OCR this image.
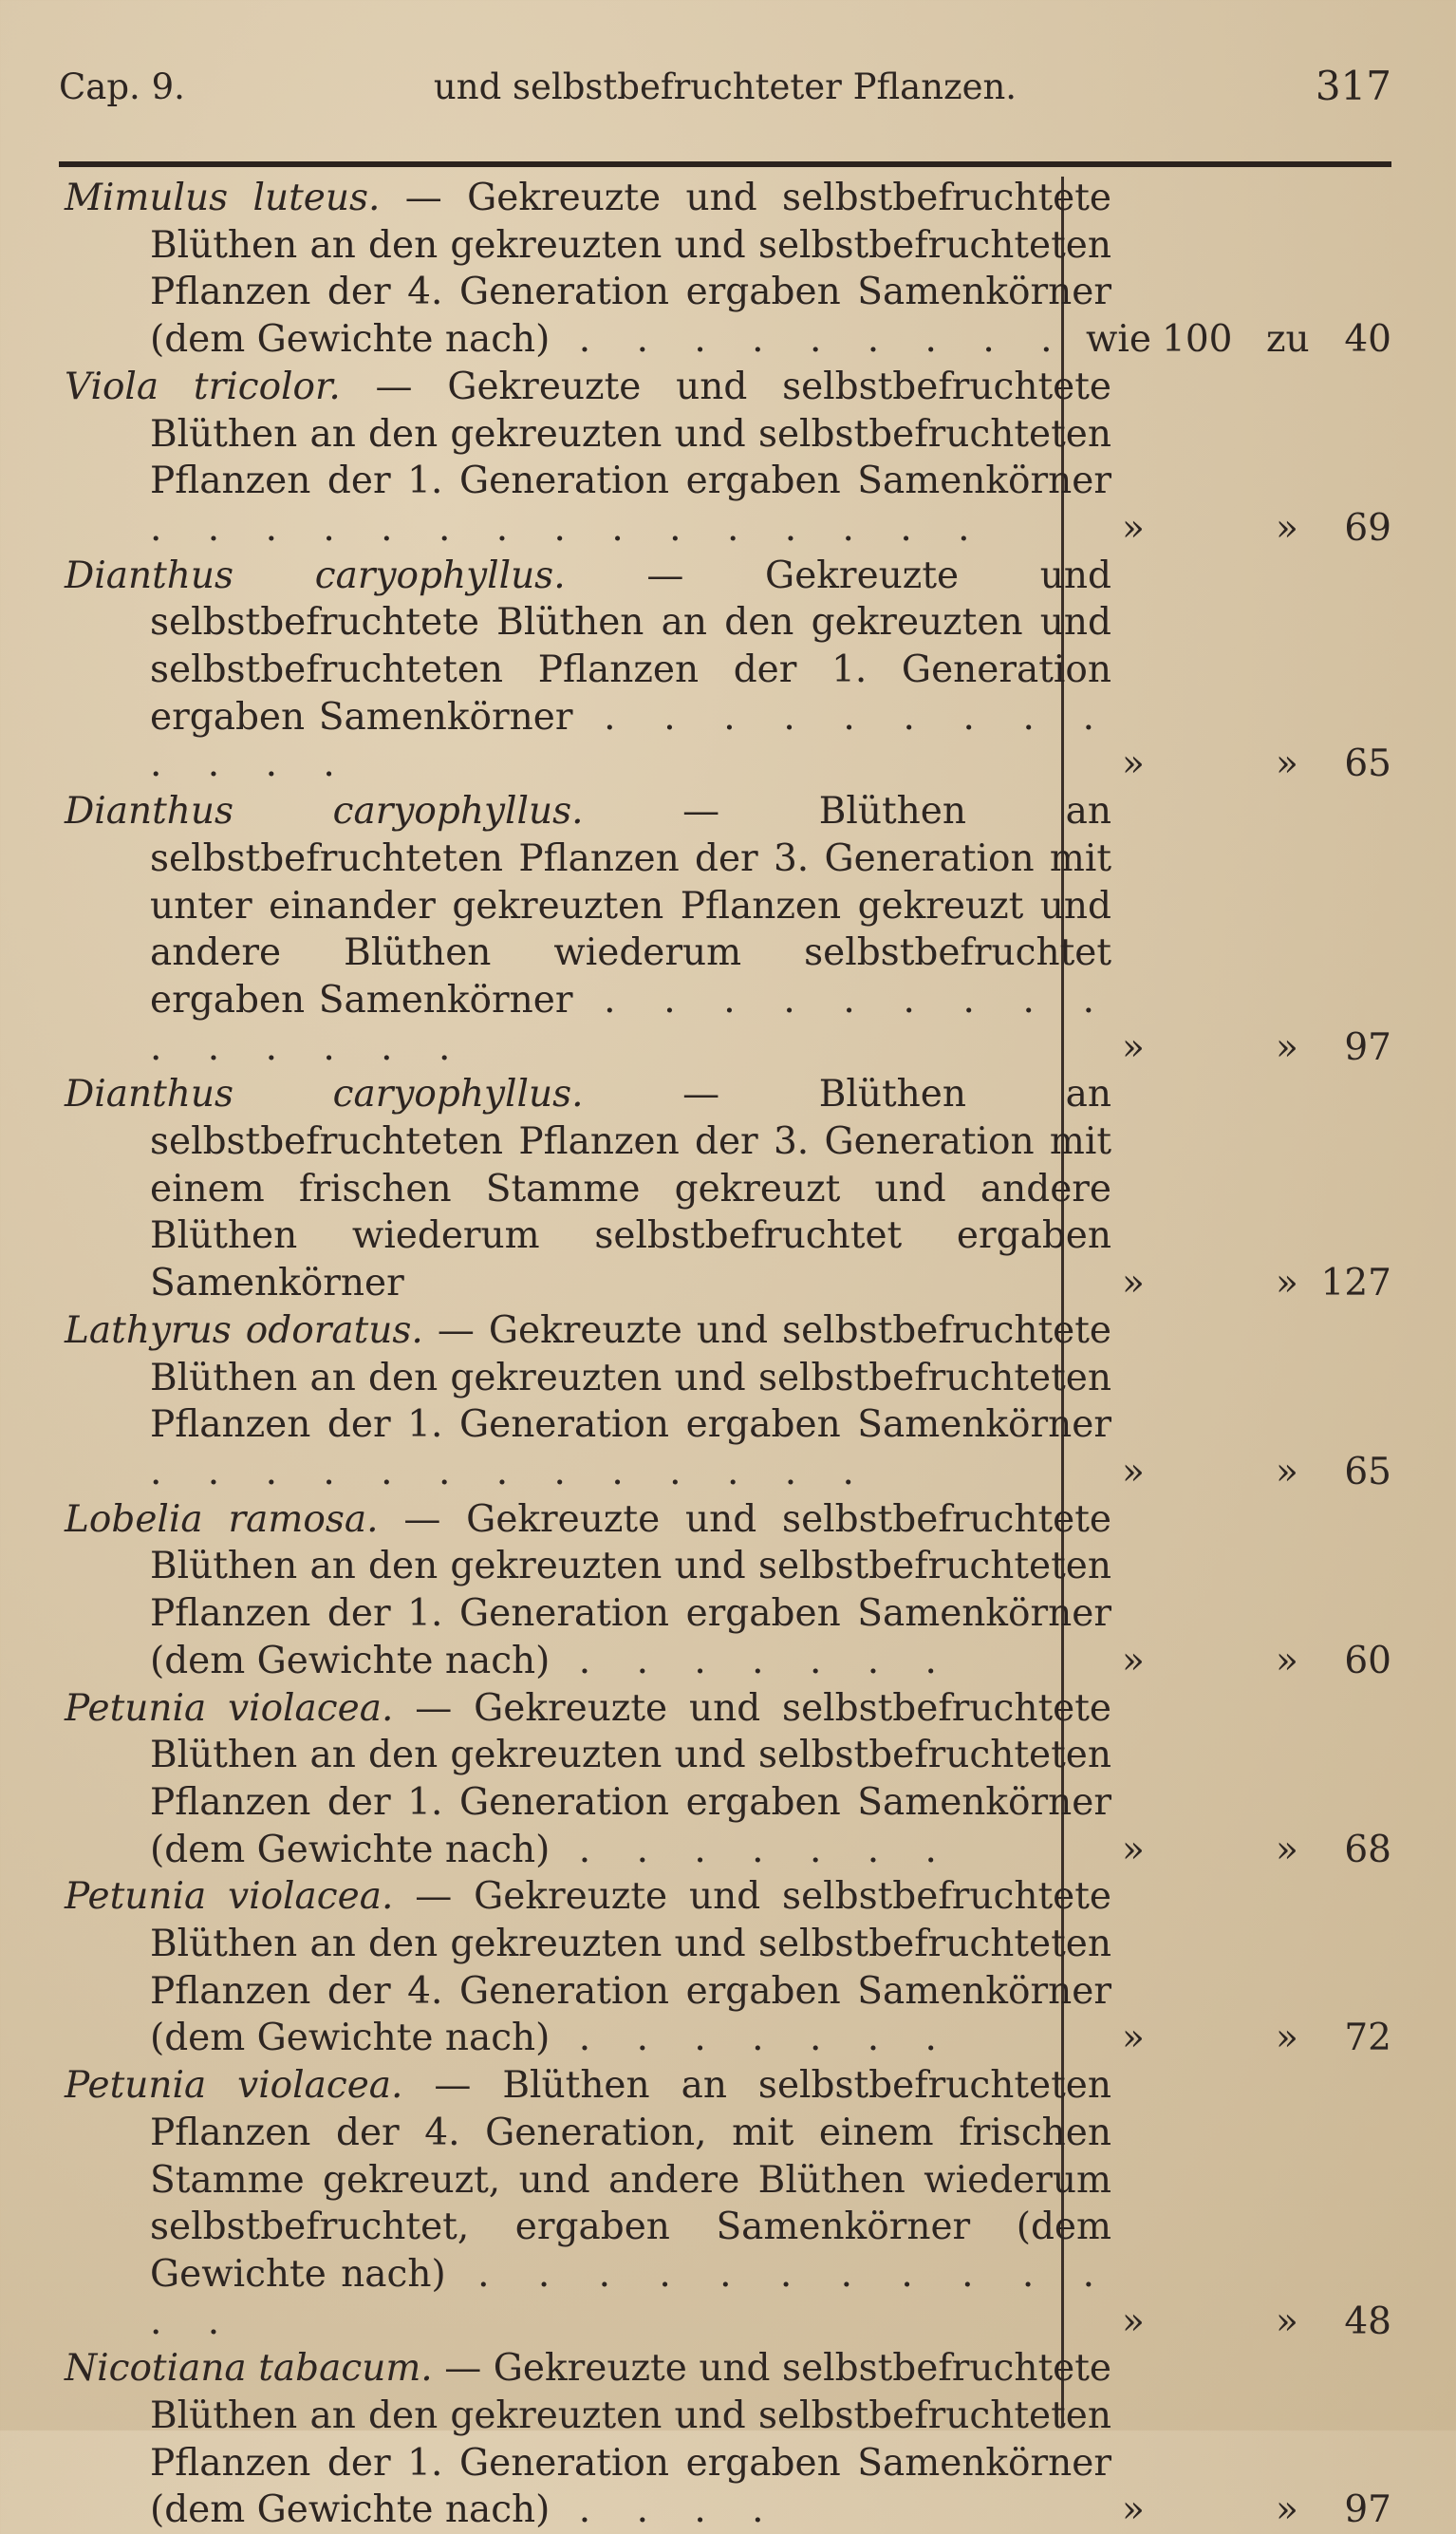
Cap. 9.	und selbstbefruchteter Pflanzen.	317
Mimulus luteus. — Gekreuzte und selbstbefruchtete Blüthen an den gekreuzten und selbstbefruchteten Pflanzen der 4. Generation ergaben Samenkörner (dem Gewichte nach) . . . . . . . . . wie 100 zu 40
Viola tricolor. — Gekreuzte und selbstbefruchtete Blüthen an den gekreuzten und selbstbefruchteten Pflanzen der 1. Generation ergaben Samenkörner . . . . . . . . . . . . . . .	»	» 69
Dianthus caryophyllus. — Gekreuzte und selbstbefruchtete Blüthen an den gekreuzten und selbstbefruchteten Pflanzen der 1. Generation ergaben Samenkörner . . . . . . . . . . . . .	»	» 65
Dianthus caryophyllus. — Blüthen an selbstbefruchteten Pflanzen der 3. Generation mit unter einander gekreuzten Pflanzen gekreuzt und andere Blüthen wiederum selbstbefruchtet ergaben Samenkörner . . . . . . . . . . . . . . .	»	» 97
Dianthus caryophyllus. — Blüthen an selbstbefruchteten Pflanzen der 3. Generation mit einem frischen Stamme gekreuzt und andere Blüthen wiederum selbstbefruchtet ergaben Samenkörner	»	» 127
Lathyrus odoratus. — Gekreuzte und selbstbefruchtete Blüthen an den gekreuzten und selbstbefruchteten Pflanzen der 1. Generation ergaben Samenkörner . . . . . . . . . . . . .	»	» 65
Lobelia ramosa. — Gekreuzte und selbstbefruchtete Blüthen an den gekreuzten und selbstbefruchteten Pflanzen der 1. Generation ergaben Samenkörner (dem Gewichte nach) . . . . . . .	»	» 60
Petunia violacea. — Gekreuzte und selbstbefruchtete Blüthen an den gekreuzten und selbstbefruchteten Pflanzen der 1. Generation ergaben Samenkörner (dem Gewichte nach) . . . . . . .	»	» 68
Petunia violacea. — Gekreuzte und selbstbefruchtete Blüthen an den gekreuzten und selbstbefruchteten Pflanzen der 4. Generation ergaben Samenkörner (dem Gewichte nach) . . . . . . .	»	» 72
Petunia violacea. — Blüthen an selbstbefruchteten Pflanzen der 4. Generation, mit einem frischen Stamme gekreuzt, und andere Blüthen wiederum selbstbefruchtet, ergaben Samenkörner (dem Gewichte nach) . . . . . . . . . . . . .	»	» 48
Nicotiana tabacum. — Gekreuzte und selbstbefruchtete Blüthen an den gekreuzten und selbstbefruchteten Pflanzen der 1. Generation ergaben Samenkörner (dem Gewichte nach) . . . .	»	» 97
